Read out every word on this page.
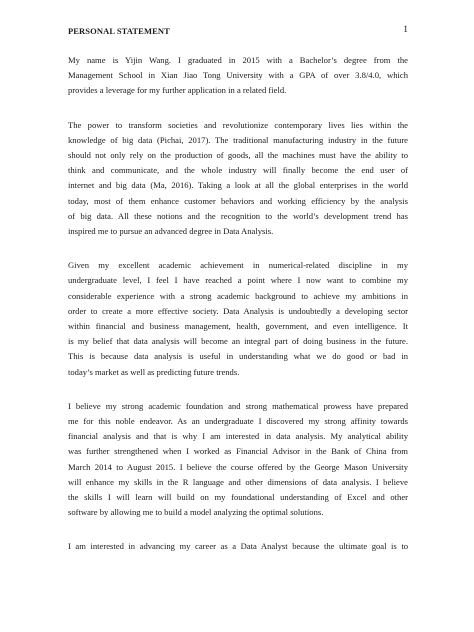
PERSONAL STATEMENT	1

My name is Yijin Wang. I graduated in 2015 with a Bachelor’s degree from the
Management School in Xian Jiao Tong University with a GPA of over 3.8/4.0, which
provides a leverage for my further application in a related field.

The power to transform societies and revolutionize contemporary lives lies within the
knowledge of big data (Pichai, 2017). The traditional manufacturing industry in the future
should not only rely on the production of goods, all the machines must have the ability to
think and communicate, and the whole industry will finally become the end user of
internet and big data (Ma, 2016). Taking a look at all the global enterprises in the world
today, most of them enhance customer behaviors and working efficiency by the analysis
of big data. All these notions and the recognition to the world’s development trend has
inspired me to pursue an advanced degree in Data Analysis.

Given my excellent academic achievement in numerical-related discipline in my
undergraduate level, I feel I have reached a point where I now want to combine my
considerable experience with a strong academic background to achieve my ambitions in
order to create a more effective society. Data Analysis is undoubtedly a developing sector
within financial and business management, health, government, and even intelligence. It
is my belief that data analysis will become an integral part of doing business in the future.
This is because data analysis is useful in understanding what we do good or bad in
today’s market as well as predicting future trends.

I believe my strong academic foundation and strong mathematical prowess have prepared
me for this noble endeavor. As an undergraduate I discovered my strong affinity towards
financial analysis and that is why I am interested in data analysis. My analytical ability
was further strengthened when I worked as Financial Advisor in the Bank of China from
March 2014 to August 2015. I believe the course offered by the George Mason University
will enhance my skills in the R language and other dimensions of data analysis. I believe
the skills I will learn will build on my foundational understanding of Excel and other
software by allowing me to build a model analyzing the optimal solutions.

I am interested in advancing my career as a Data Analyst because the ultimate goal is to
